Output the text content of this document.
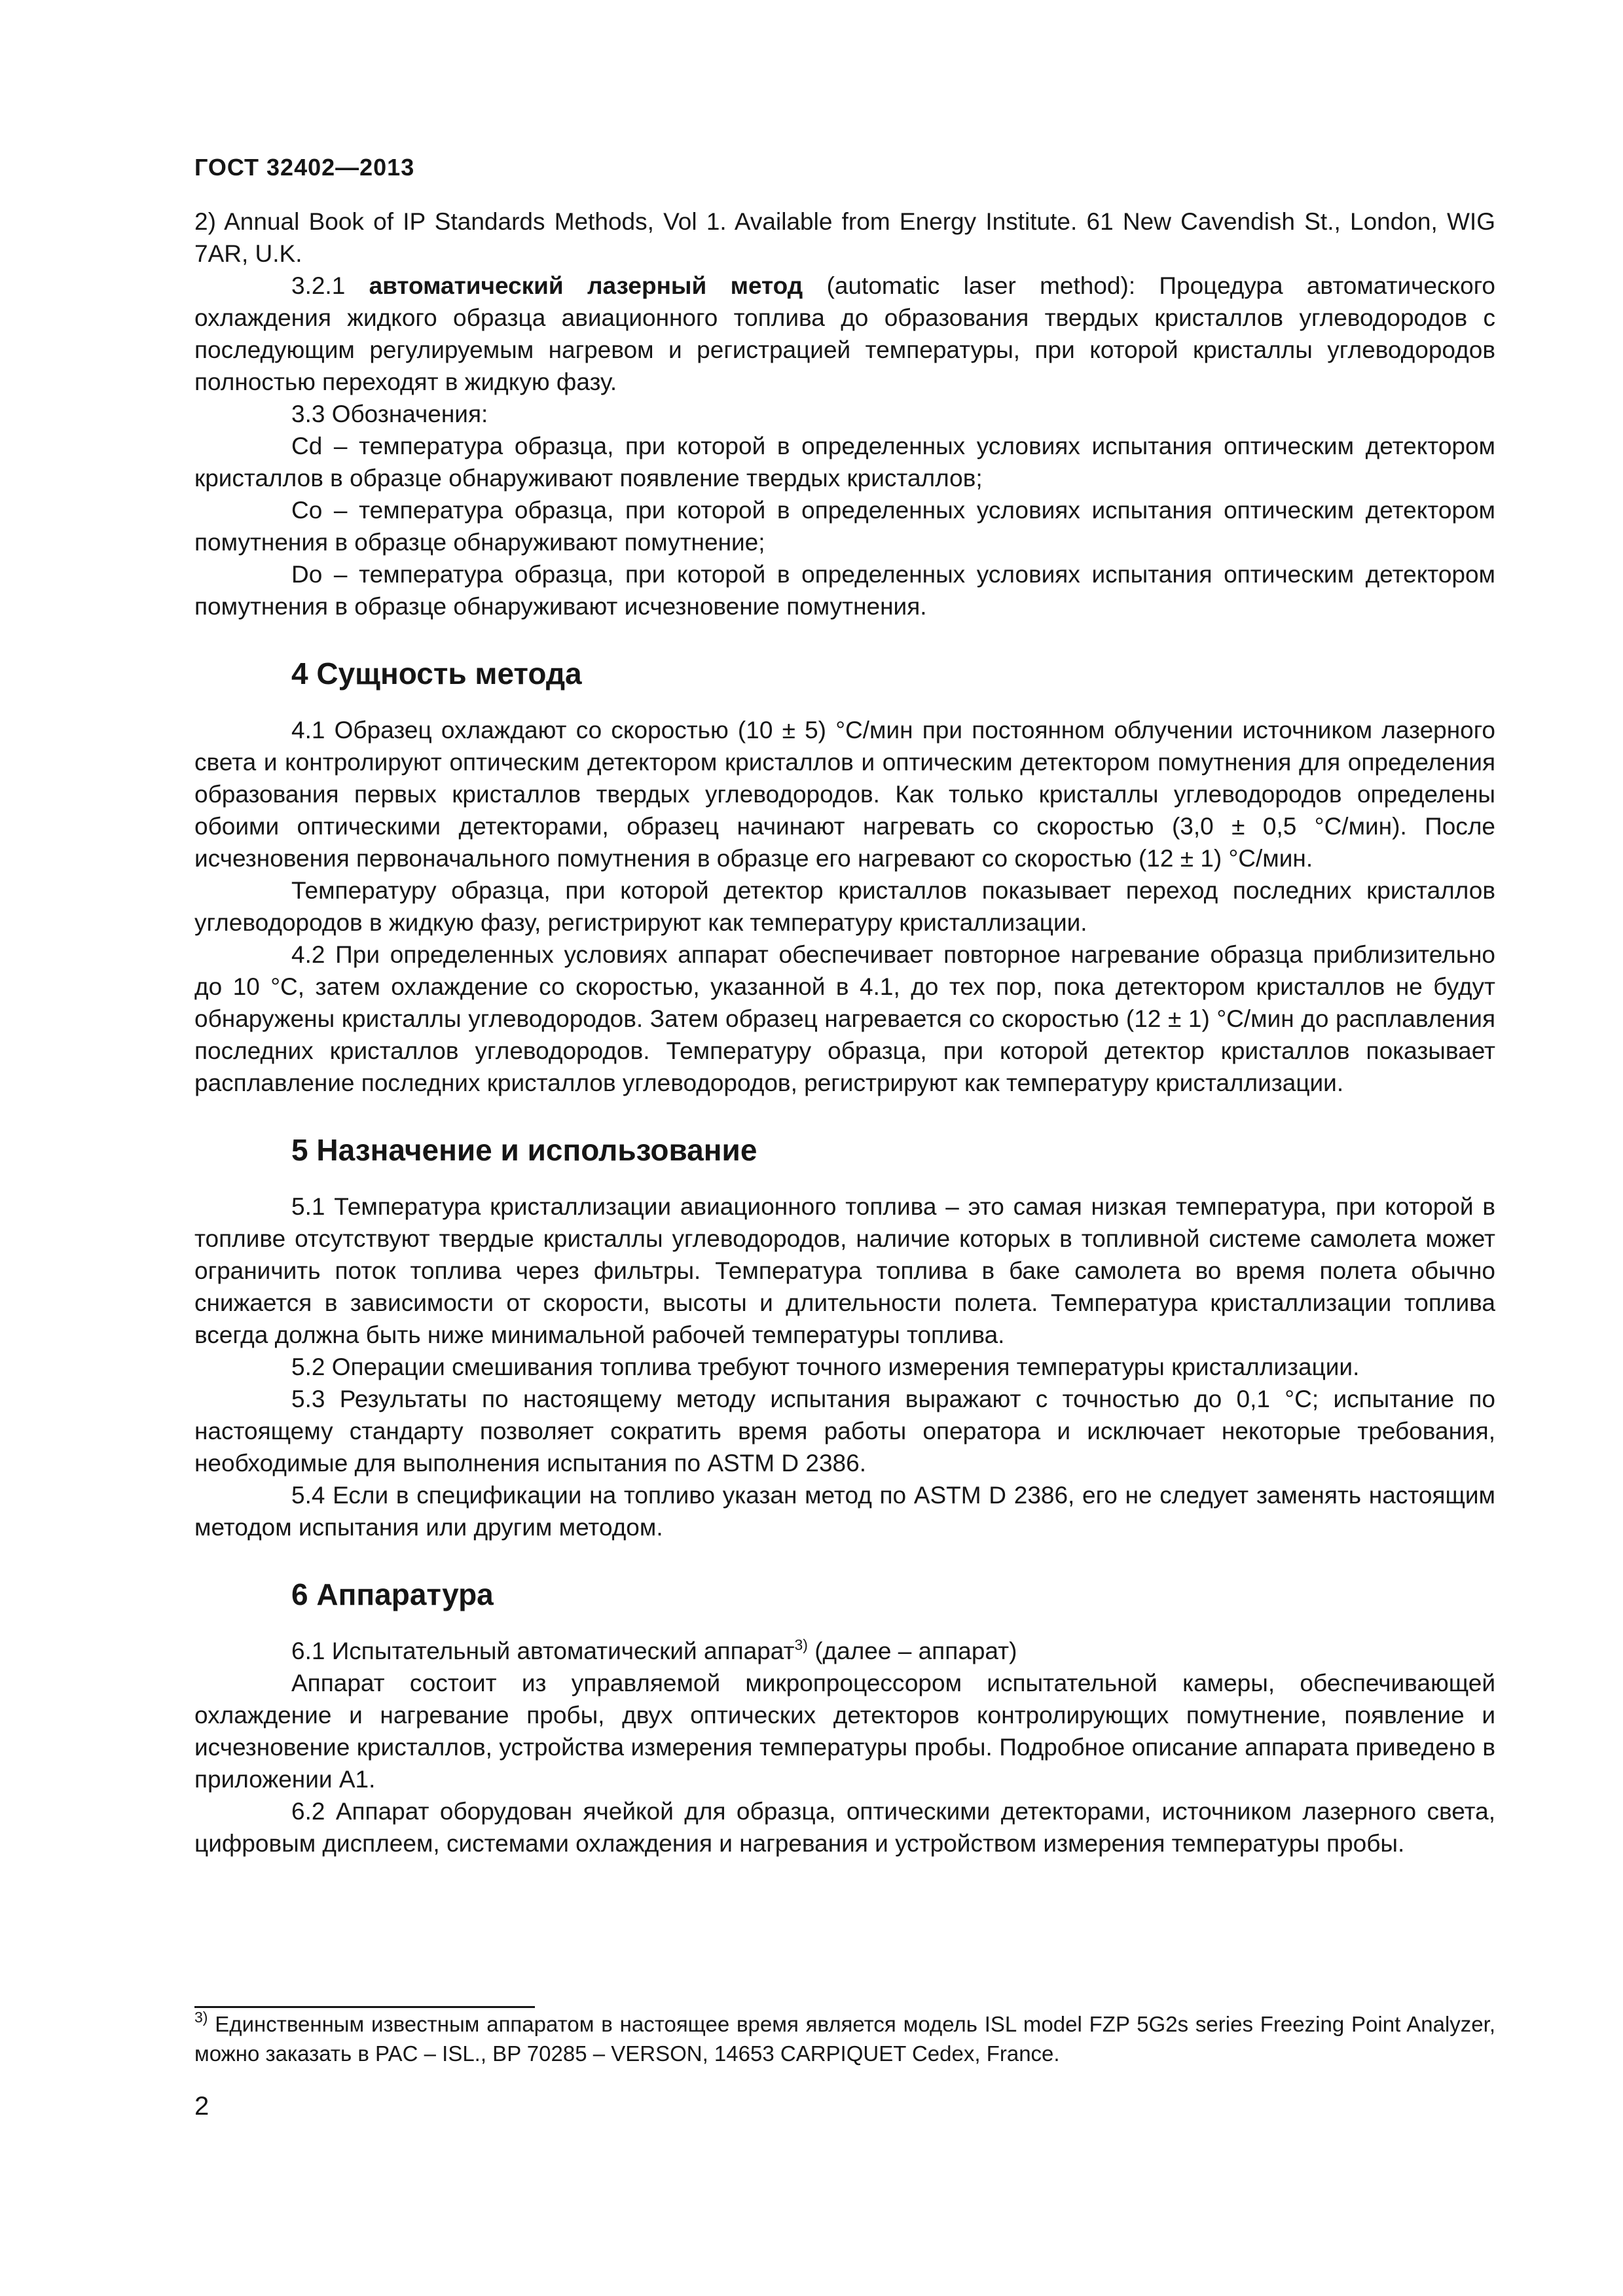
ГОСТ 32402—2013

2) Annual Book of IP Standards Methods, Vol 1. Available from Energy Institute. 61 New Cavendish St., London, WIG 7AR, U.K.

3.2.1 автоматический лазерный метод (automatic laser method): Процедура автоматического охлаждения жидкого образца авиационного топлива до образования твердых кристаллов углеводородов с последующим регулируемым нагревом и регистрацией температуры, при которой кристаллы углеводородов полностью переходят в жидкую фазу.

3.3 Обозначения:

Cd – температура образца, при которой в определенных условиях испытания оптическим детектором кристаллов в образце обнаруживают появление твердых кристаллов;

Co – температура образца, при которой в определенных условиях испытания оптическим детектором помутнения в образце обнаруживают помутнение;

Do – температура образца, при которой в определенных условиях испытания оптическим детектором помутнения в образце обнаруживают исчезновение помутнения.

4 Сущность метода

4.1 Образец охлаждают со скоростью (10 ± 5) °С/мин при постоянном облучении источником лазерного света и контролируют оптическим детектором кристаллов и оптическим детектором помутнения для определения образования первых кристаллов твердых углеводородов. Как только кристаллы углеводородов определены обоими оптическими детекторами, образец начинают нагревать со скоростью (3,0 ± 0,5 °С/мин). После исчезновения первоначального помутнения в образце его нагревают со скоростью (12 ± 1) °С/мин.

Температуру образца, при которой детектор кристаллов показывает переход последних кристаллов углеводородов в жидкую фазу, регистрируют как температуру кристаллизации.

4.2 При определенных условиях аппарат обеспечивает повторное нагревание образца приблизительно до 10 °С, затем охлаждение со скоростью, указанной в 4.1, до тех пор, пока детектором кристаллов не будут обнаружены кристаллы углеводородов. Затем образец нагревается со скоростью (12 ± 1) °С/мин до расплавления последних кристаллов углеводородов. Температуру образца, при которой детектор кристаллов показывает расплавление последних кристаллов углеводородов, регистрируют как температуру кристаллизации.

5 Назначение и использование

5.1 Температура кристаллизации авиационного топлива – это самая низкая температура, при которой в топливе отсутствуют твердые кристаллы углеводородов, наличие которых в топливной системе самолета может ограничить поток топлива через фильтры. Температура топлива в баке самолета во время полета обычно снижается в зависимости от скорости, высоты и длительности полета. Температура кристаллизации топлива всегда должна быть ниже минимальной рабочей температуры топлива.

5.2 Операции смешивания топлива требуют точного измерения температуры кристаллизации.

5.3 Результаты по настоящему методу испытания выражают с точностью до 0,1 °С; испытание по настоящему стандарту позволяет сократить время работы оператора и исключает некоторые требования, необходимые для выполнения испытания по ASTM D 2386.

5.4 Если в спецификации на топливо указан метод по ASTM D 2386, его не следует заменять настоящим методом испытания или другим методом.

6 Аппаратура

6.1 Испытательный автоматический аппарат$^{3)}$ (далее – аппарат)

Аппарат состоит из управляемой микропроцессором испытательной камеры, обеспечивающей охлаждение и нагревание пробы, двух оптических детекторов контролирующих помутнение, появление и исчезновение кристаллов, устройства измерения температуры пробы. Подробное описание аппарата приведено в приложении А1.

6.2 Аппарат оборудован ячейкой для образца, оптическими детекторами, источником лазерного света, цифровым дисплеем, системами охлаждения и нагревания и устройством измерения температуры пробы.

$^{3)}$ Единственным известным аппаратом в настоящее время является модель ISL model FZP 5G2s series Freezing Point Analyzer, можно заказать в PAC – ISL., BP 70285 – VERSON, 14653 CARPIQUET Cedex, France.

2
